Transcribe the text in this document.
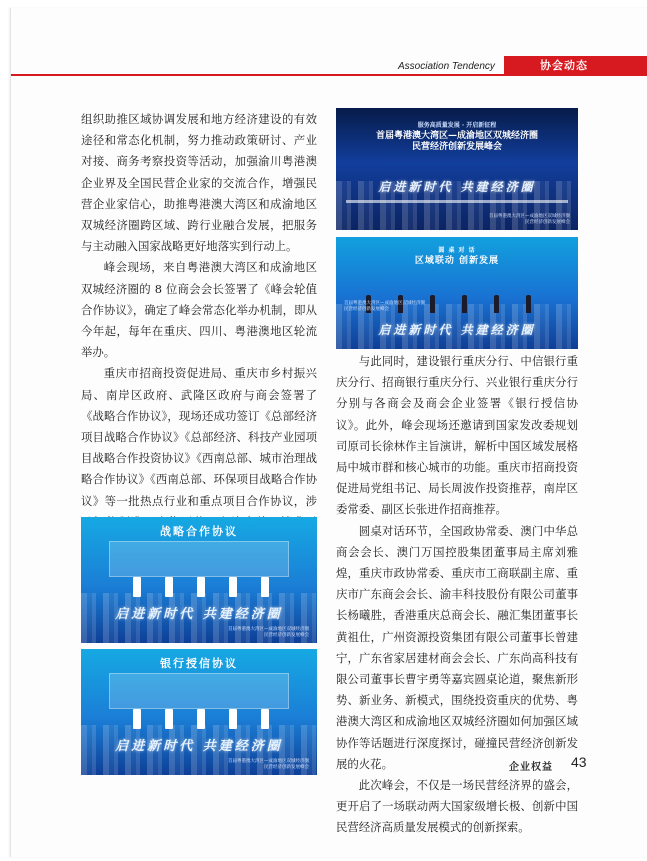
Association Tendency	协会动态

组织助推区域协调发展和地方经济建设的有效途径和常态化机制，努力推动政策研讨、产业对接、商务考察投资等活动，加强渝川粤港澳企业界及全国民营企业家的交流合作，增强民营企业家信心，助推粤港澳大湾区和成渝地区双城经济圈跨区域、跨行业融合发展，把服务与主动融入国家战略更好地落实到行动上。

峰会现场，来自粤港澳大湾区和成渝地区双城经济圈的 8 位商会会长签署了《峰会轮值合作协议》，确定了峰会常态化举办机制，即从今年起，每年在重庆、四川、粤港澳地区轮流举办。

重庆市招商投资促进局、重庆市乡村振兴局、南岸区政府、武隆区政府与商会签署了《战略合作协议》，现场还成功签订《总部经济项目战略合作协议》《总部经济、科技产业园项目战略合作投资协议》《西南总部、城市治理战略合作协议》《西南总部、环保项目战略合作协议》等一批热点行业和重点项目合作协议，涉

服务高质量发展 · 开启新征程
首届粤港澳大湾区—成渝地区双城经济圈
民营经济创新发展峰会
启进新时代 共建经济圈
首届粤港澳大湾区—成渝地区双城经济圈
民营经济创新发展峰会
圆 桌 对 话
区域联动 创新发展
启进新时代 共建经济圈
首届粤港澳大湾区—成渝地区双城经济圈
民营经济创新发展峰会

与此同时，建设银行重庆分行、中信银行重庆分行、招商银行重庆分行、兴业银行重庆分行分别与各商会及商会企业签署《银行授信协议》。此外，峰会现场还邀请到国家发改委规划司原司长徐林作主旨演讲，解析中国区域发展格局中城市群和核心城市的功能。重庆市招商投资促进局党组书记、局长周波作投资推荐，南岸区委常委、副区长张进作招商推荐。

圆桌对话环节，全国政协常委、澳门中华总商会会长、澳门万国控股集团董事局主席刘雅煌，重庆市政协常委、重庆市工商联副主席、重庆市广东商会会长、渝丰科技股份有限公司董事长杨曦胜，香港重庆总商会长、融汇集团董事长黄祖仕，广州资源投资集团有限公司董事长曾建宁，广东省家居建材商会会长、广东尚高科技有限公司董事长曹宇勇等嘉宾圆桌论道，聚焦新形势、新业务、新模式，围绕投资重庆的优势、粤港澳大湾区和成渝地区双城经济圈如何加强区域协作等话题进行深度探讨，碰撞民营经济创新发展的火花。

此次峰会，不仅是一场民营经济界的盛会，更开启了一场联动两大国家级增长极、创新中国民营经济高质量发展模式的创新探索。

战略合作协议
启进新时代 共建经济圈
首届粤港澳大湾区—成渝地区双城经济圈
民营经济创新发展峰会
银行授信协议
启进新时代 共建经济圈
首届粤港澳大湾区—成渝地区双城经济圈
民营经济创新发展峰会	企业权益 43
